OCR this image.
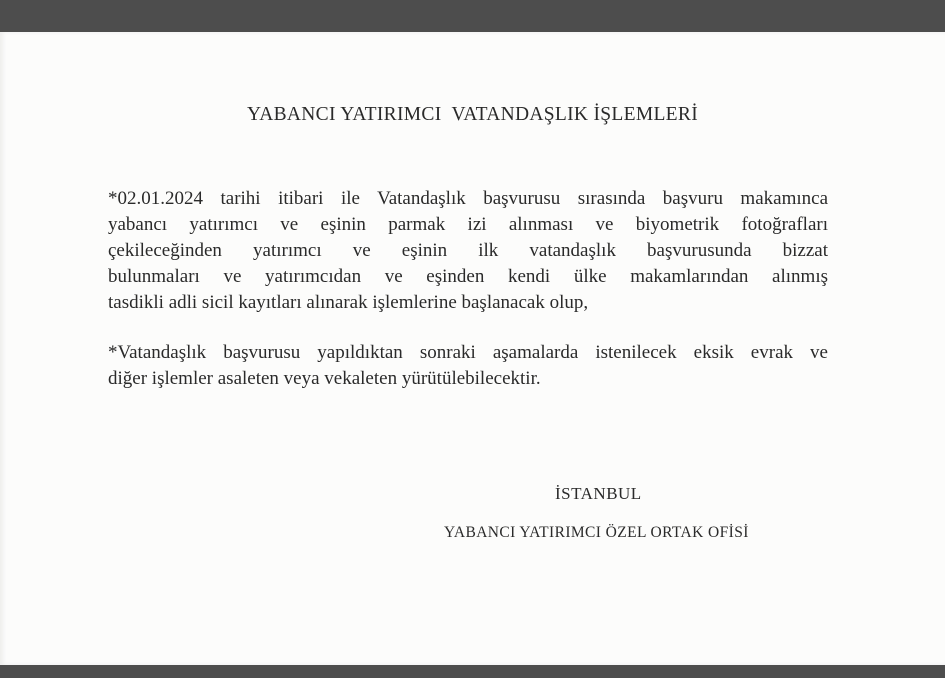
YABANCI YATIRIMCI  VATANDAŞLIK İŞLEMLERİ
*02.01.2024 tarihi itibari ile Vatandaşlık başvurusu sırasında başvuru makamınca
yabancı yatırımcı ve eşinin parmak izi alınması ve biyometrik fotoğrafları
çekileceğinden yatırımcı ve eşinin ilk vatandaşlık başvurusunda bizzat
bulunmaları ve yatırımcıdan ve eşinden kendi ülke makamlarından alınmış
tasdikli adli sicil kayıtları alınarak işlemlerine başlanacak olup,
*Vatandaşlık başvurusu yapıldıktan sonraki aşamalarda istenilecek eksik evrak ve
diğer işlemler asaleten veya vekaleten yürütülebilecektir.
İSTANBUL
YABANCI YATIRIMCI ÖZEL ORTAK OFİSİ
